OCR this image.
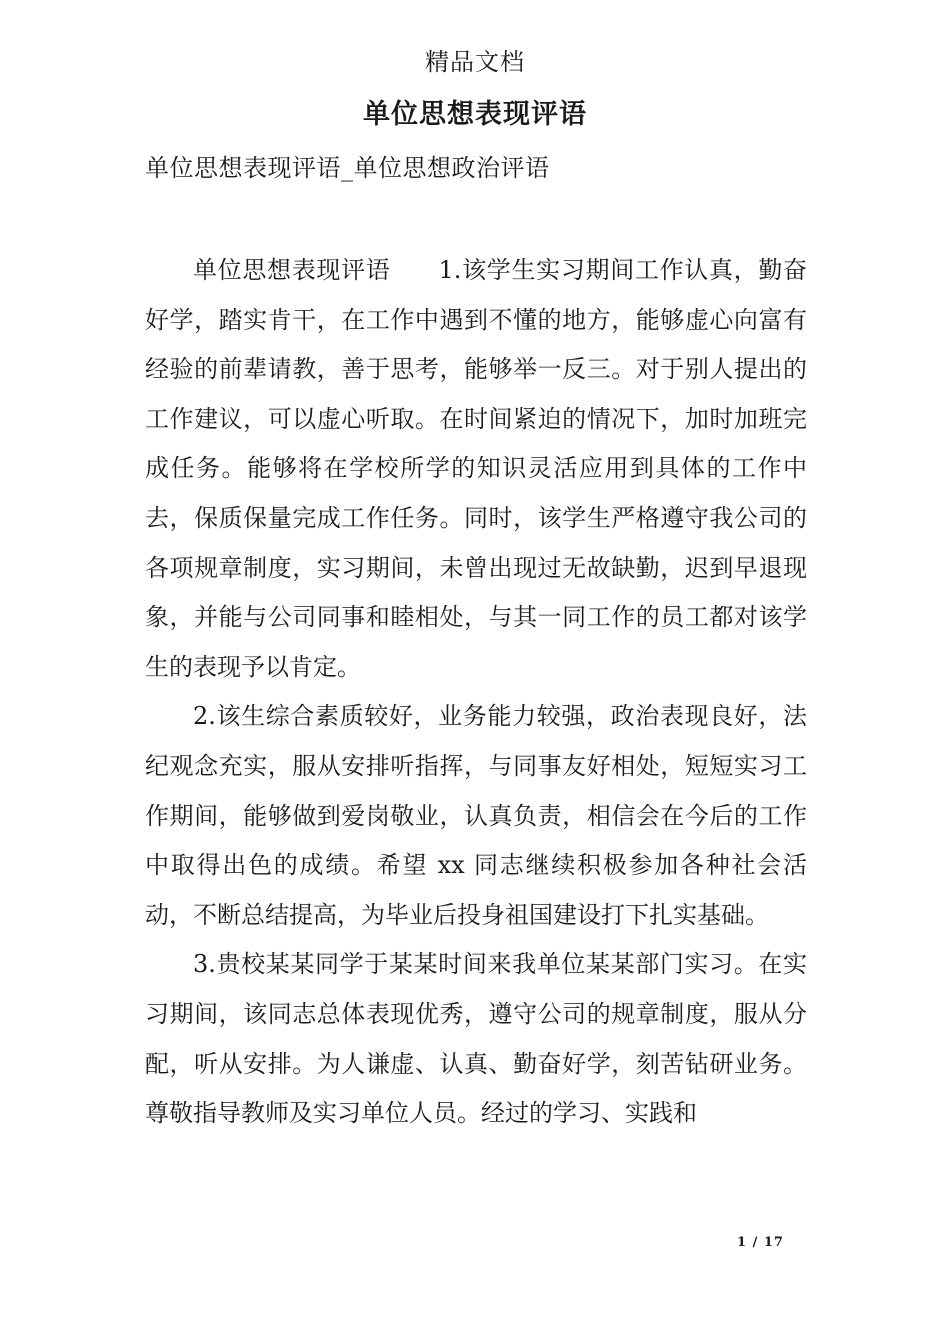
精品文档
单位思想表现评语
单位思想表现评语_单位思想政治评语

单位思想表现评语 1.该学生实习期间工作认真，勤奋好学，踏实肯干，在工作中遇到不懂的地方，能够虚心向富有经验的前辈请教，善于思考，能够举一反三。对于别人提出的工作建议，可以虚心听取。在时间紧迫的情况下，加时加班完成任务。能够将在学校所学的知识灵活应用到具体的工作中去，保质保量完成工作任务。同时，该学生严格遵守我公司的各项规章制度，实习期间，未曾出现过无故缺勤，迟到早退现象，并能与公司同事和睦相处，与其一同工作的员工都对该学生的表现予以肯定。

2.该生综合素质较好，业务能力较强，政治表现良好，法纪观念充实，服从安排听指挥，与同事友好相处，短短实习工作期间，能够做到爱岗敬业，认真负责，相信会在今后的工作中取得出色的成绩。希望 xx 同志继续积极参加各种社会活动，不断总结提高，为毕业后投身祖国建设打下扎实基础。

3.贵校某某同学于某某时间来我单位某某部门实习。在实习期间，该同志总体表现优秀，遵守公司的规章制度，服从分配，听从安排。为人谦虚、认真、勤奋好学，刻苦钻研业务。尊敬指导教师及实习单位人员。经过的学习、实践和

1 / 17
